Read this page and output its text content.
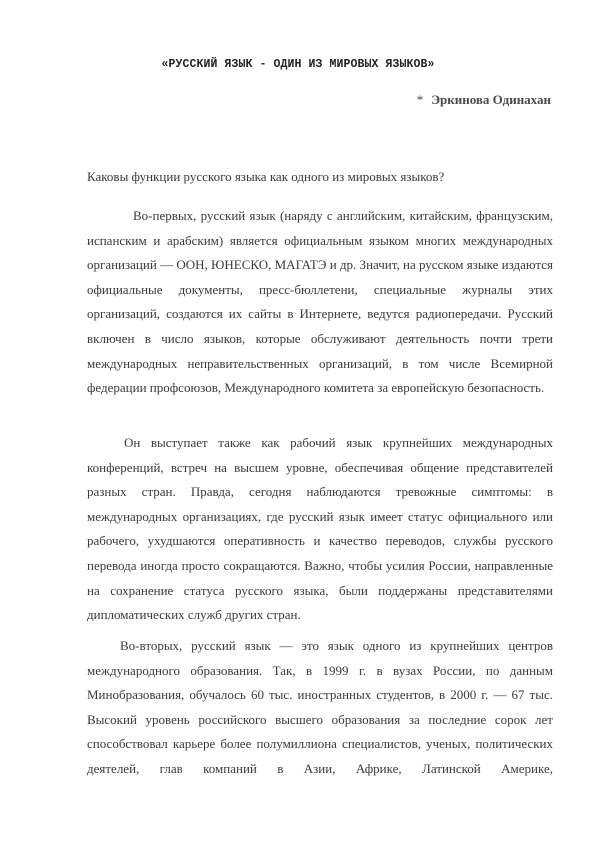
«РУССКИЙ ЯЗЫК - ОДИН ИЗ МИРОВЫХ ЯЗЫКОВ»
* Эркинова Одинахан
Каковы функции русского языка как одного из мировых языков?

Во-первых, русский язык (наряду с английским, китайским, французским, испанским и арабским) является официальным языком многих международных организаций — ООН, ЮНЕСКО, МАГАТЭ и др. Значит, на русском языке издаются официальные документы, пресс-бюллетени, специальные журналы этих организаций, создаются их сайты в Интернете, ведутся радиопередачи. Русский включен в число языков, которые обслуживают деятельность почти трети международных неправительственных организаций, в том числе Всемирной федерации профсоюзов, Международного комитета за европейскую безопасность.

Он выступает также как рабочий язык крупнейших международных конференций, встреч на высшем уровне, обеспечивая общение представителей разных стран. Правда, сегодня наблюдаются тревожные симптомы: в международных организациях, где русский язык имеет статус официального или рабочего, ухудшаются оперативность и качество переводов, службы русского перевода иногда просто сокращаются. Важно, чтобы усилия России, направленные на сохранение статуса русского языка, были поддержаны представителями дипломатических служб других стран.

Во-вторых, русский язык — это язык одного из крупнейших центров международного образования. Так, в 1999 г. в вузах России, по данным Минобразования, обучалось 60 тыс. иностранных студентов, в 2000 г. — 67 тыс. Высокий уровень российского высшего образования за последние сорок лет способствовал карьере более полумиллиона специалистов, ученых, политических деятелей, глав компаний в Азии, Африке, Латинской Америке,
